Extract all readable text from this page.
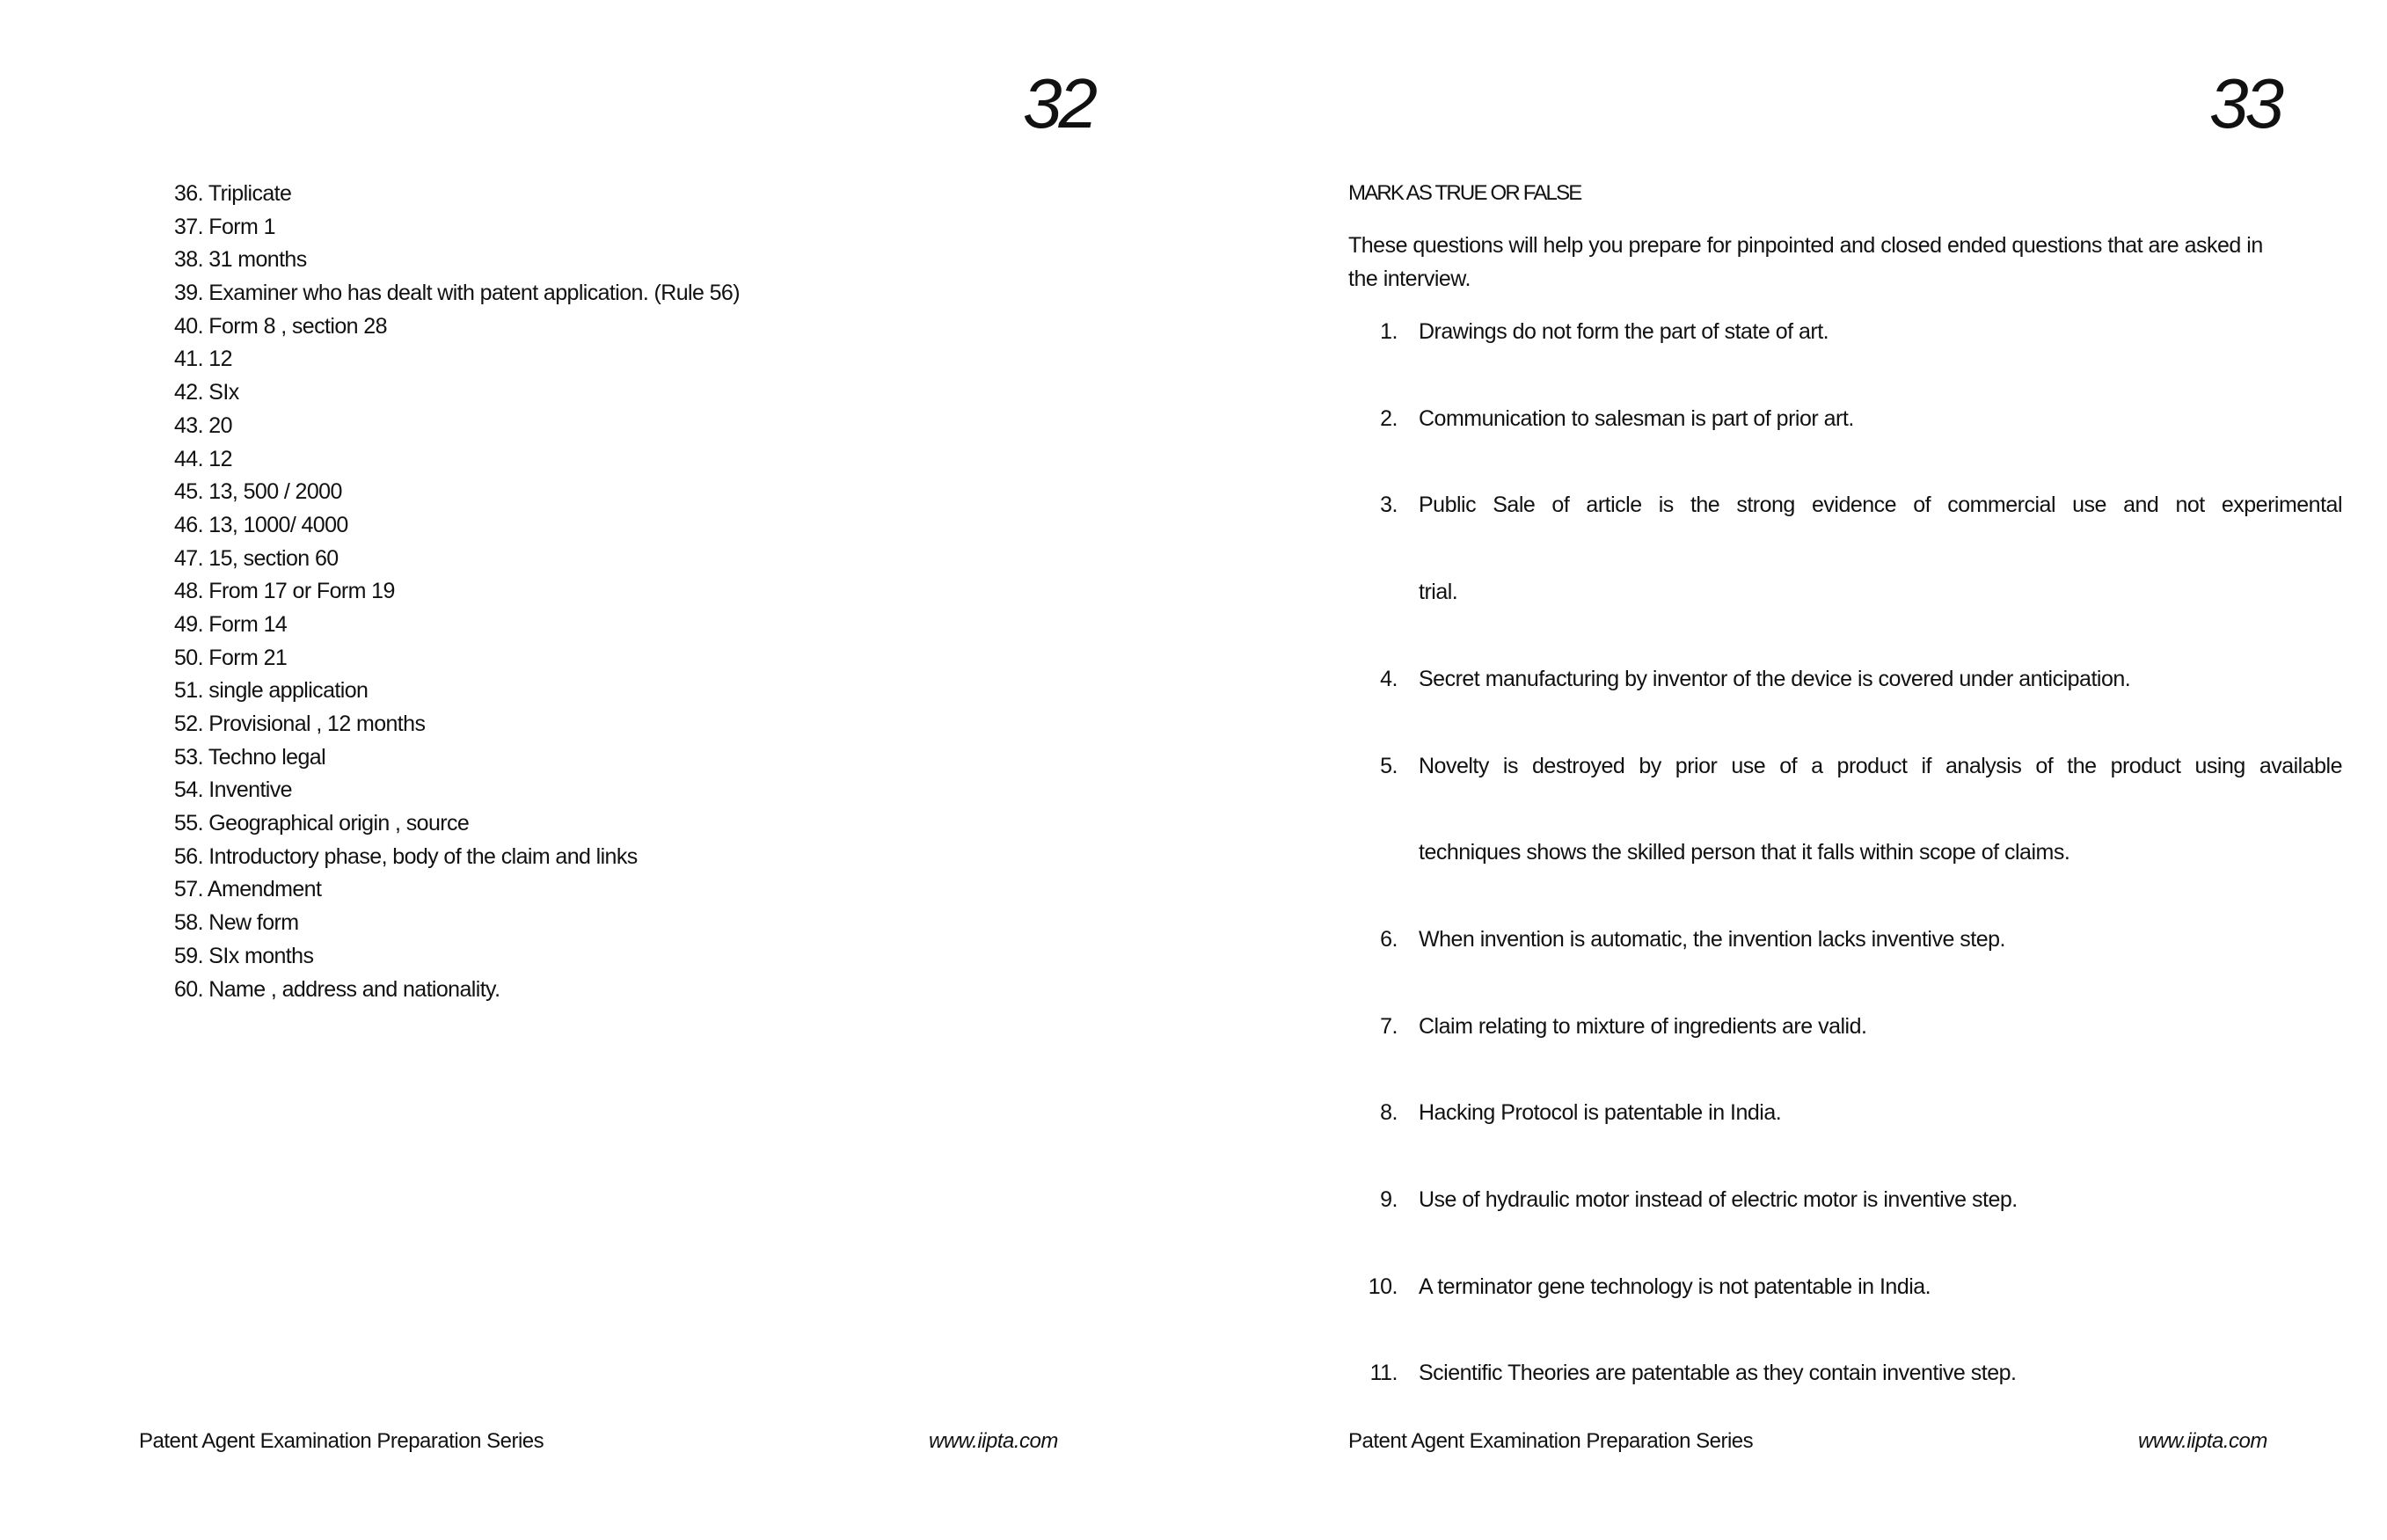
32
36. Triplicate
37. Form 1
38. 31 months
39. Examiner who has dealt with patent application. (Rule 56)
40. Form 8 , section 28
41. 12
42. SIx
43. 20
44. 12
45. 13, 500 / 2000
46. 13, 1000/ 4000
47. 15, section 60
48. From 17 or Form 19
49. Form 14
50. Form 21
51. single application
52. Provisional , 12 months
53. Techno legal
54. Inventive
55. Geographical origin , source
56. Introductory phase, body of the claim and links
57. Amendment
58. New form
59. SIx months
60. Name , address and nationality.
Patent Agent Examination Preparation Series	www.iipta.com
33
MARK AS TRUE OR FALSE

These questions will help you prepare for pinpointed and closed ended questions that are asked in the interview.

1. Drawings do not form the part of state of art.
2. Communication to salesman is part of prior art.
3. Public Sale of article is the strong evidence of commercial use and not experimental
trial.
4. Secret manufacturing by inventor of the device is covered under anticipation.
5. Novelty is destroyed by prior use of a product if analysis of the product using available
techniques shows the skilled person that it falls within scope of claims.
6. When invention is automatic, the invention lacks inventive step.
7. Claim relating to mixture of ingredients are valid.
8. Hacking Protocol is patentable in India.
9. Use of hydraulic motor instead of electric motor is inventive step.
10. A terminator gene technology is not patentable in India.
11. Scientific Theories are patentable as they contain inventive step.
Patent Agent Examination Preparation Series	www.iipta.com
